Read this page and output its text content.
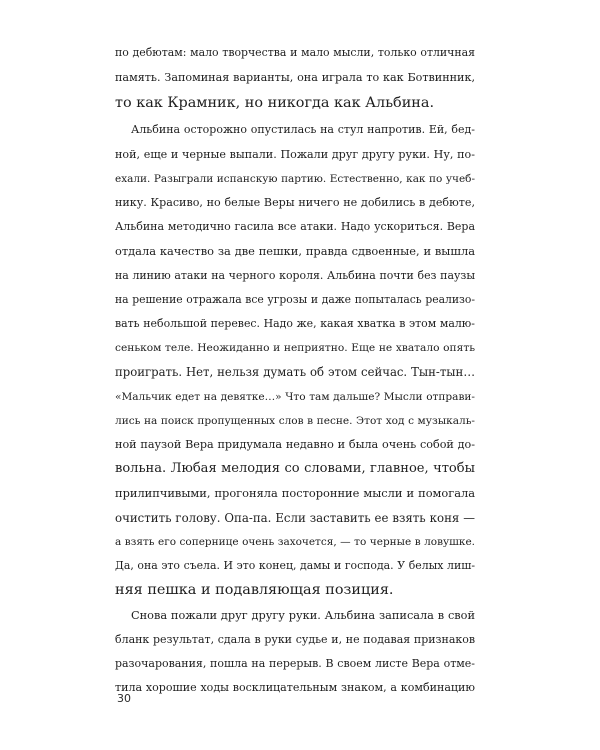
по дебютам: мало творчества и мало мысли, только отличная
память. Запоминая варианты, она играла то как Ботвинник,
то как Крамник, но никогда как Альбина.
Альбина осторожно опустилась на стул напротив. Ей, бед-
ной, еще и черные выпали. Пожали друг другу руки. Ну, по-
ехали. Разыграли испанскую партию. Естественно, как по учеб-
нику. Красиво, но белые Веры ничего не добились в дебюте,
Альбина методично гасила все атаки. Надо ускориться. Вера
отдала качество за две пешки, правда сдвоенные, и вышла
на линию атаки на черного короля. Альбина почти без паузы
на решение отражала все угрозы и даже попыталась реализо-
вать небольшой перевес. Надо же, какая хватка в этом малю-
сеньком теле. Неожиданно и неприятно. Еще не хватало опять
проиграть. Нет, нельзя думать об этом сейчас. Тын-тын…
«Мальчик едет на девятке…» Что там дальше? Мысли отправи-
лись на поиск пропущенных слов в песне. Этот ход с музыкаль-
ной паузой Вера придумала недавно и была очень собой до-
вольна. Любая мелодия со словами, главное, чтобы
прилипчивыми, прогоняла посторонние мысли и помогала
очистить голову. Опа-па. Если заставить ее взять коня —
а взять его сопернице очень захочется, — то черные в ловушке.
Да, она это съела. И это конец, дамы и господа. У белых лиш-
няя пешка и подавляющая позиция.
Снова пожали друг другу руки. Альбина записала в свой
бланк результат, сдала в руки судье и, не подавая признаков
разочарования, пошла на перерыв. В своем листе Вера отме-
тила хорошие ходы восклицательным знаком, а комбинацию
30
